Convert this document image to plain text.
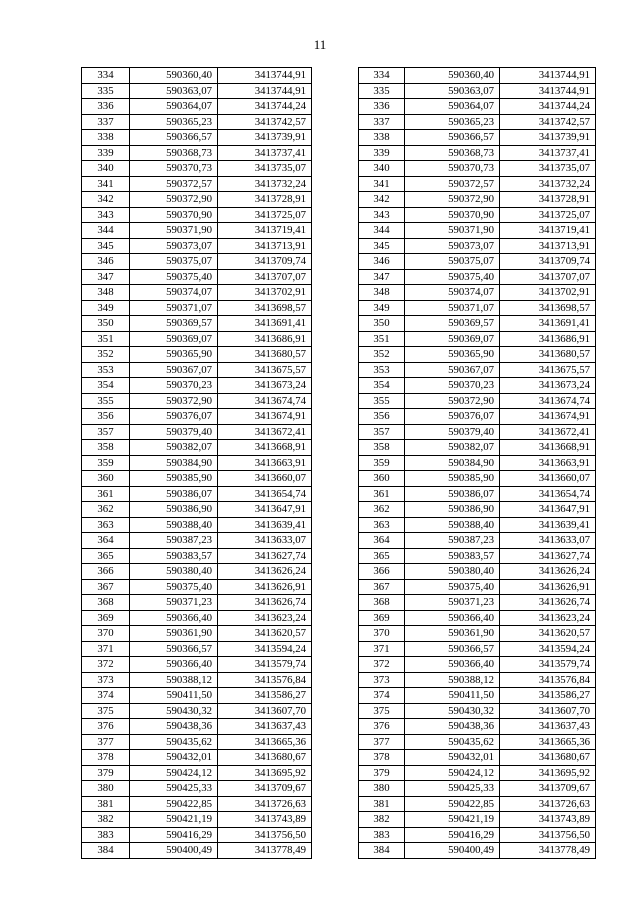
11
334	590360,40	3413744,91
335	590363,07	3413744,91
336	590364,07	3413744,24
337	590365,23	3413742,57
338	590366,57	3413739,91
339	590368,73	3413737,41
340	590370,73	3413735,07
341	590372,57	3413732,24
342	590372,90	3413728,91
343	590370,90	3413725,07
344	590371,90	3413719,41
345	590373,07	3413713,91
346	590375,07	3413709,74
347	590375,40	3413707,07
348	590374,07	3413702,91
349	590371,07	3413698,57
350	590369,57	3413691,41
351	590369,07	3413686,91
352	590365,90	3413680,57
353	590367,07	3413675,57
354	590370,23	3413673,24
355	590372,90	3413674,74
356	590376,07	3413674,91
357	590379,40	3413672,41
358	590382,07	3413668,91
359	590384,90	3413663,91
360	590385,90	3413660,07
361	590386,07	3413654,74
362	590386,90	3413647,91
363	590388,40	3413639,41
364	590387,23	3413633,07
365	590383,57	3413627,74
366	590380,40	3413626,24
367	590375,40	3413626,91
368	590371,23	3413626,74
369	590366,40	3413623,24
370	590361,90	3413620,57
371	590366,57	3413594,24
372	590366,40	3413579,74
373	590388,12	3413576,84
374	590411,50	3413586,27
375	590430,32	3413607,70
376	590438,36	3413637,43
377	590435,62	3413665,36
378	590432,01	3413680,67
379	590424,12	3413695,92
380	590425,33	3413709,67
381	590422,85	3413726,63
382	590421,19	3413743,89
383	590416,29	3413756,50
384	590400,49	3413778,49
334	590360,40	3413744,91
335	590363,07	3413744,91
336	590364,07	3413744,24
337	590365,23	3413742,57
338	590366,57	3413739,91
339	590368,73	3413737,41
340	590370,73	3413735,07
341	590372,57	3413732,24
342	590372,90	3413728,91
343	590370,90	3413725,07
344	590371,90	3413719,41
345	590373,07	3413713,91
346	590375,07	3413709,74
347	590375,40	3413707,07
348	590374,07	3413702,91
349	590371,07	3413698,57
350	590369,57	3413691,41
351	590369,07	3413686,91
352	590365,90	3413680,57
353	590367,07	3413675,57
354	590370,23	3413673,24
355	590372,90	3413674,74
356	590376,07	3413674,91
357	590379,40	3413672,41
358	590382,07	3413668,91
359	590384,90	3413663,91
360	590385,90	3413660,07
361	590386,07	3413654,74
362	590386,90	3413647,91
363	590388,40	3413639,41
364	590387,23	3413633,07
365	590383,57	3413627,74
366	590380,40	3413626,24
367	590375,40	3413626,91
368	590371,23	3413626,74
369	590366,40	3413623,24
370	590361,90	3413620,57
371	590366,57	3413594,24
372	590366,40	3413579,74
373	590388,12	3413576,84
374	590411,50	3413586,27
375	590430,32	3413607,70
376	590438,36	3413637,43
377	590435,62	3413665,36
378	590432,01	3413680,67
379	590424,12	3413695,92
380	590425,33	3413709,67
381	590422,85	3413726,63
382	590421,19	3413743,89
383	590416,29	3413756,50
384	590400,49	3413778,49
